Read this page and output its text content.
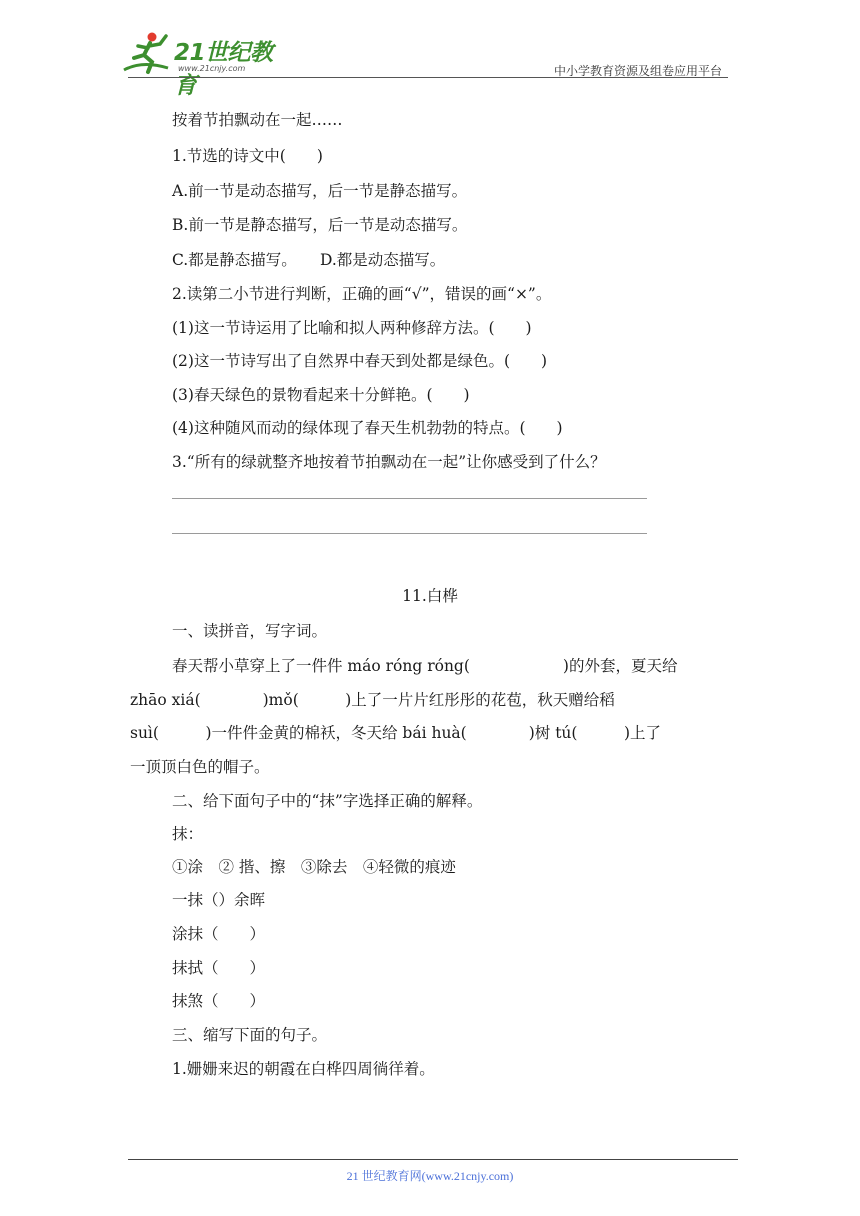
21世纪教育
www.21cnjy.com	中小学教育资源及组卷应用平台
按着节拍飘动在一起……
1.节选的诗文中(　　)
A.前一节是动态描写，后一节是静态描写。
B.前一节是静态描写，后一节是动态描写。
C.都是静态描写。　　D.都是动态描写。
2.读第二小节进行判断，正确的画“√”，错误的画“×”。
(1)这一节诗运用了比喻和拟人两种修辞方法。(　　)
(2)这一节诗写出了自然界中春天到处都是绿色。(　　)
(3)春天绿色的景物看起来十分鲜艳。(　　)
(4)这种随风而动的绿体现了春天生机勃勃的特点。(　　)
3.“所有的绿就整齐地按着节拍飘动在一起”让你感受到了什么？
11.白桦
一、读拼音，写字词。
春天帮小草穿上了一件件 máo róng róng(　　　　　　)的外套，夏天给
zhāo xiá(　　　　)mǒ(　　　)上了一片片红彤彤的花苞，秋天赠给稻
suì(　　　)一件件金黄的棉袄，冬天给 bái huà(　　　　)树 tú(　　　)上了
一顶顶白色的帽子。
二、给下面句子中的“抹”字选择正确的解释。
抹：
①涂　② 揩、擦　③除去　④轻微的痕迹
一抹（）余晖
涂抹（　　）
抹拭（　　）
抹煞（　　）
三、缩写下面的句子。
1.姗姗来迟的朝霞在白桦四周徜徉着。
21 世纪教育网(www.21cnjy.com)
